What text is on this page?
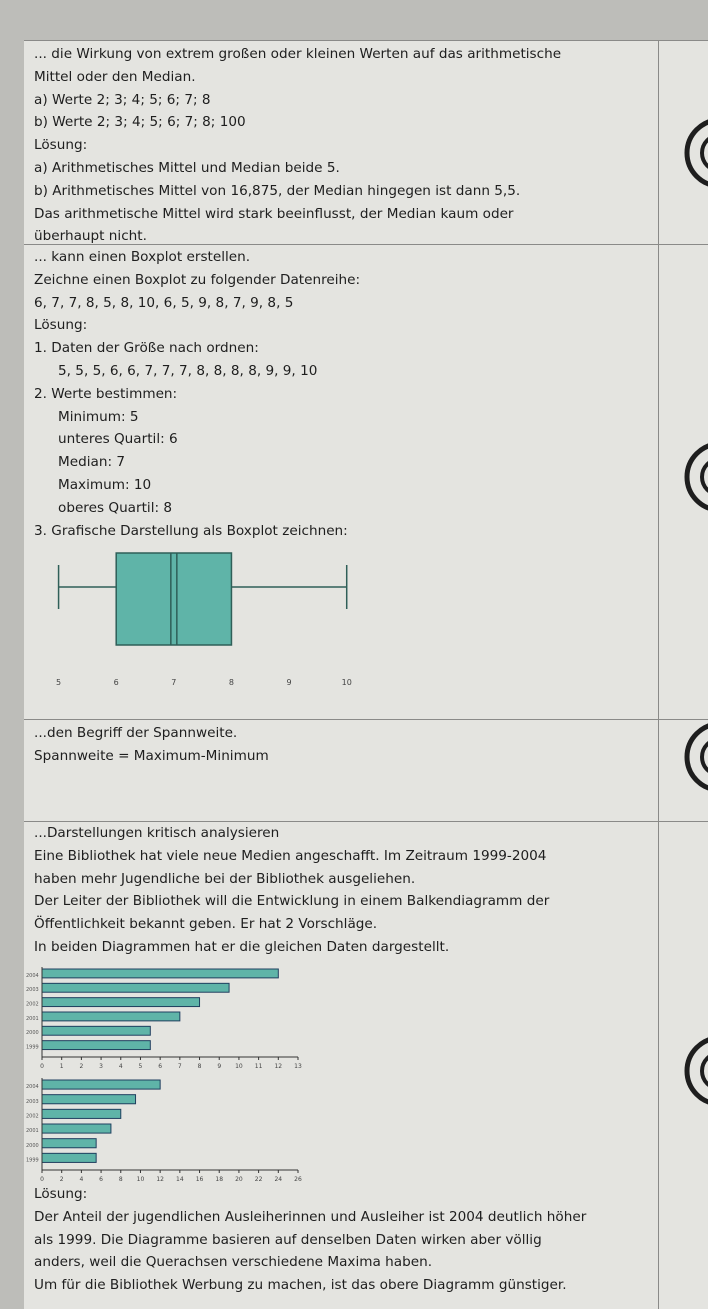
... die Wirkung von extrem großen oder kleinen Werten auf das arithmetische
Mittel oder den Median.
a) Werte 2; 3; 4; 5; 6; 7; 8
b) Werte 2; 3; 4; 5; 6; 7; 8; 100
Lösung:
a) Arithmetisches Mittel und Median beide 5.
b) Arithmetisches Mittel von 16,875, der Median hingegen ist dann 5,5.
Das arithmetische Mittel wird stark beeinflusst, der Median kaum oder
überhaupt nicht.
... kann einen Boxplot erstellen.
Zeichne einen Boxplot zu folgender Datenreihe:
6, 7, 7, 8, 5, 8, 10, 6, 5, 9, 8, 7, 9, 8, 5
Lösung:
1. Daten der Größe nach ordnen:
5, 5, 5, 6, 6, 7, 7, 7, 8, 8, 8, 8, 9, 9, 10
2. Werte bestimmen:
Minimum: 5
unteres Quartil: 6
Median: 7
Maximum: 10
oberes Quartil: 8
3. Grafische Darstellung als Boxplot zeichnen:
5	6	7	8	9	10
...den Begriff der Spannweite.
Spannweite = Maximum-Minimum
...Darstellungen kritisch analysieren
Eine Bibliothek hat viele neue Medien angeschafft. Im Zeitraum 1999-2004
haben mehr Jugendliche bei der Bibliothek ausgeliehen.
Der Leiter der Bibliothek will die Entwicklung in einem Balkendiagramm der
Öffentlichkeit bekannt geben. Er hat 2 Vorschläge.
In beiden Diagrammen hat er die gleichen Daten dargestellt.
2004
2003
2002
2001
2000
1999
0	1	2	3	4	5	6	7	8	9 10 11 12 13
2004
2003
2002
2001
2000
1999
0	2	4	6	8 10 12 14 16 18 20 22 24 26
Lösung:
Der Anteil der jugendlichen Ausleiherinnen und Ausleiher ist 2004 deutlich höher
als 1999. Die Diagramme basieren auf denselben Daten wirken aber völlig
anders, weil die Querachsen verschiedene Maxima haben.
Um für die Bibliothek Werbung zu machen, ist das obere Diagramm günstiger.
